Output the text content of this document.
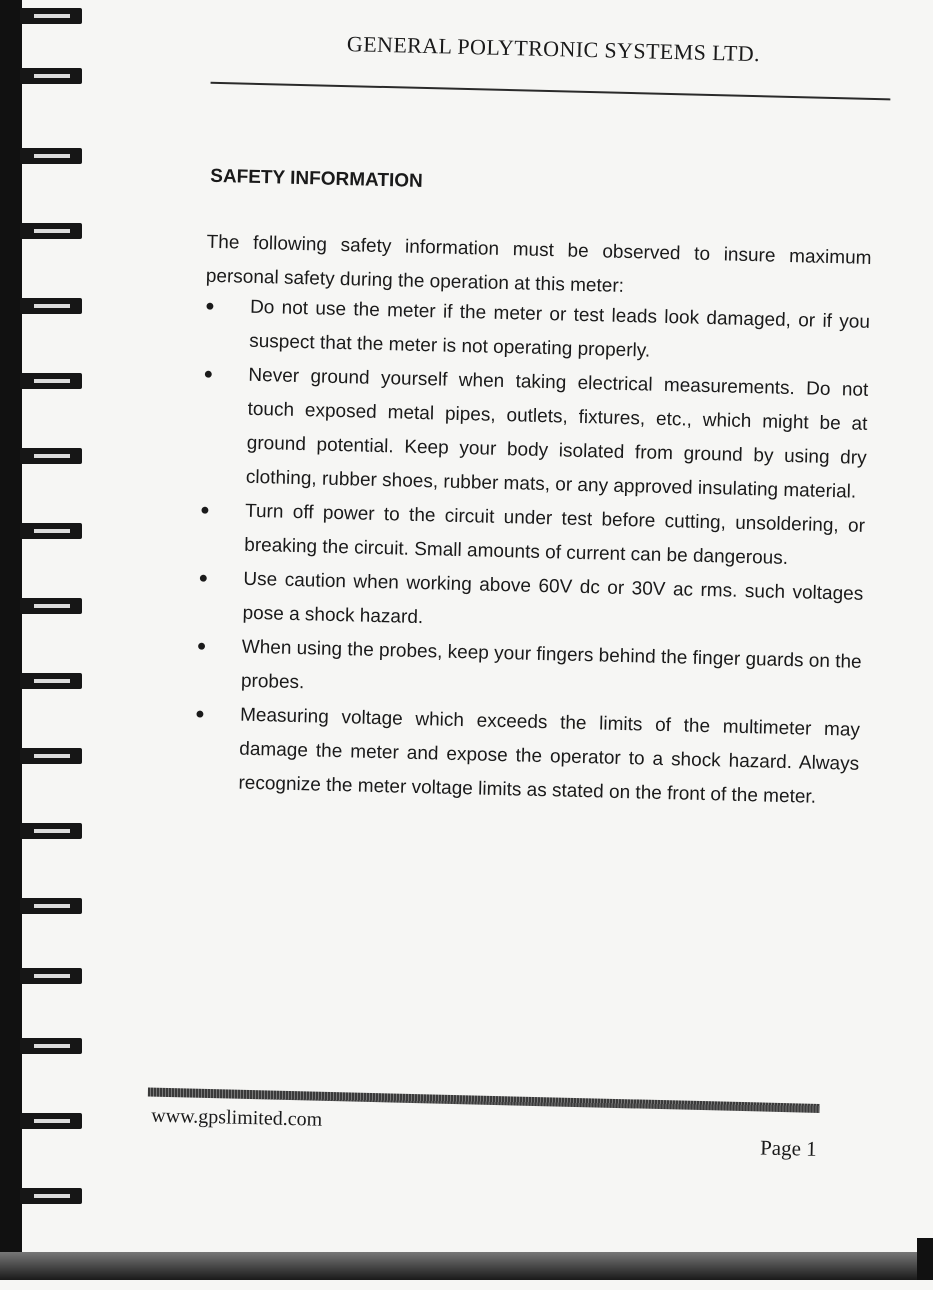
GENERAL POLYTRONIC SYSTEMS LTD.
SAFETY INFORMATION
The following safety information must be observed to insure maximum personal safety during the operation at this meter:
●	Do not use the meter if the meter or test leads look damaged, or if you suspect that the meter is not operating properly.
●	Never ground yourself when taking electrical measurements. Do not touch exposed metal pipes, outlets, fixtures, etc., which might be at ground potential. Keep your body isolated from ground by using dry clothing, rubber shoes, rubber mats, or any approved insulating material.
●	Turn off power to the circuit under test before cutting, unsoldering, or breaking the circuit. Small amounts of current can be dangerous.
●	Use caution when working above 60V dc or 30V ac rms. such voltages pose a shock hazard.
●	When using the probes, keep your fingers behind the finger guards on the probes.
●	Measuring voltage which exceeds the limits of the multimeter may damage the meter and expose the operator to a shock hazard. Always recognize the meter voltage limits as stated on the front of the meter.
www.gpslimited.com
Page 1
